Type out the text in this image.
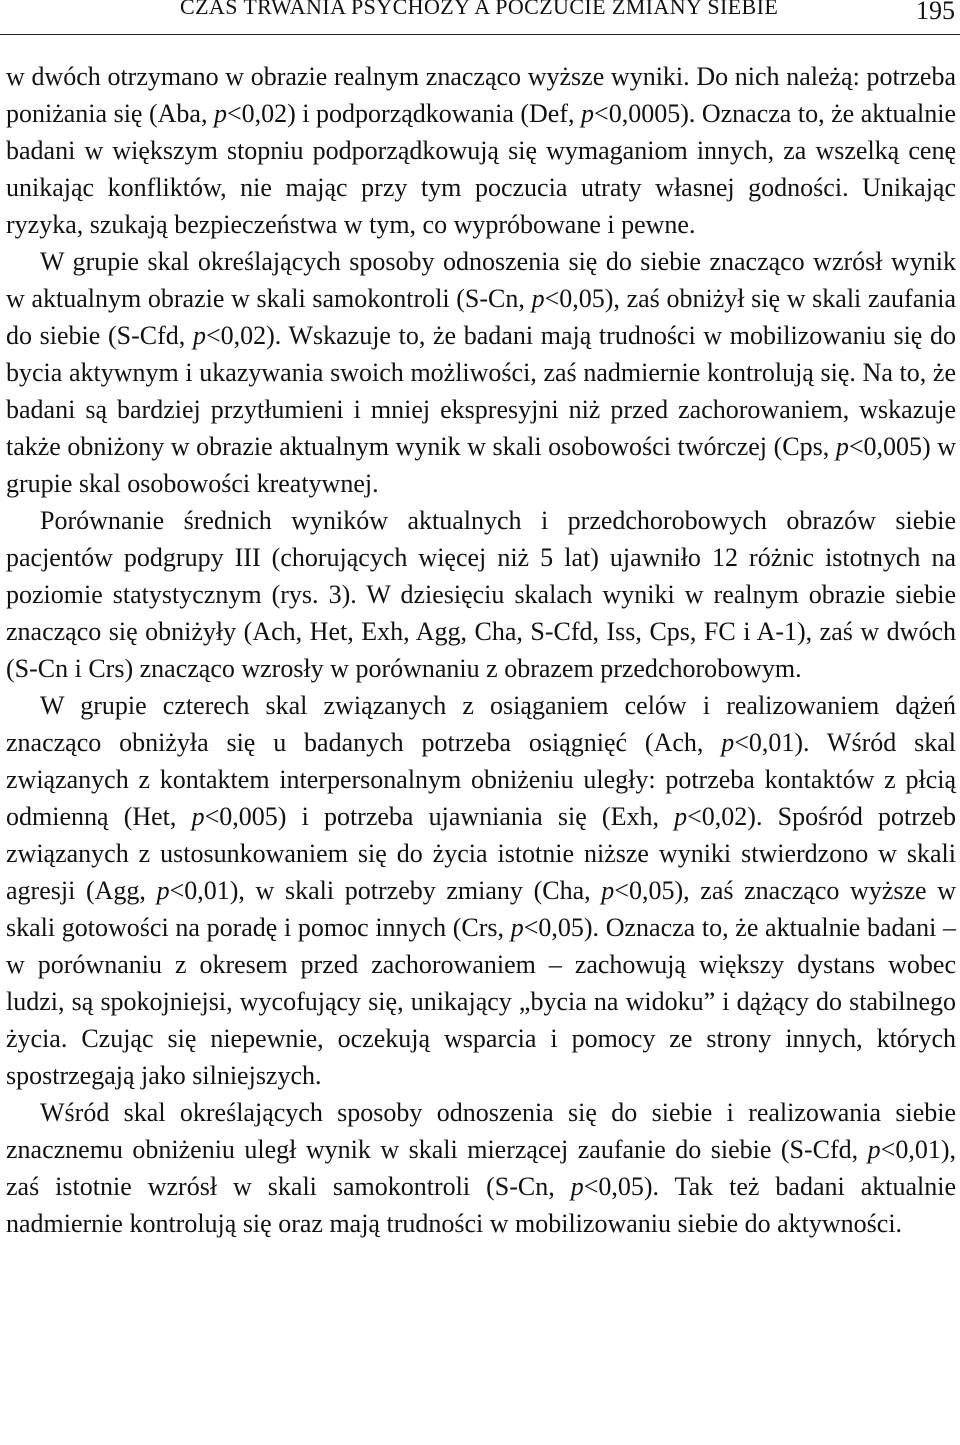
CZAS TRWANIA PSYCHOZY A POCZUCIE ZMIANY SIEBIE	195

w dwóch otrzymano w obrazie realnym znacząco wyższe wyniki. Do nich należą: potrzeba poniżania się (Aba, p<0,02) i podporządkowania (Def, p<0,0005). Oznacza to, że aktualnie badani w większym stopniu podporządkowują się wymaganiom innych, za wszelką cenę unikając konfliktów, nie mając przy tym poczucia utraty własnej godności. Unikając ryzyka, szukają bezpieczeństwa w tym, co wypróbowane i pewne.

W grupie skal określających sposoby odnoszenia się do siebie znacząco wzrósł wynik w aktualnym obrazie w skali samokontroli (S-Cn, p<0,05), zaś obniżył się w skali zaufania do siebie (S-Cfd, p<0,02). Wskazuje to, że badani mają trudności w mobilizowaniu się do bycia aktywnym i ukazywania swoich możliwości, zaś nadmiernie kontrolują się. Na to, że badani są bardziej przytłumieni i mniej ekspresyjni niż przed zachorowaniem, wskazuje także obniżony w obrazie aktualnym wynik w skali osobowości twórczej (Cps, p<0,005) w grupie skal osobowości kreatywnej.

Porównanie średnich wyników aktualnych i przedchorobowych obrazów siebie pacjentów podgrupy III (chorujących więcej niż 5 lat) ujawniło 12 różnic istotnych na poziomie statystycznym (rys. 3). W dziesięciu skalach wyniki w realnym obrazie siebie znacząco się obniżyły (Ach, Het, Exh, Agg, Cha, S-Cfd, Iss, Cps, FC i A-1), zaś w dwóch (S-Cn i Crs) znacząco wzrosły w porównaniu z obrazem przedchorobowym.

W grupie czterech skal związanych z osiąganiem celów i realizowaniem dążeń znacząco obniżyła się u badanych potrzeba osiągnięć (Ach, p<0,01). Wśród skal związanych z kontaktem interpersonalnym obniżeniu uległy: potrzeba kontaktów z płcią odmienną (Het, p<0,005) i potrzeba ujawniania się (Exh, p<0,02). Spośród potrzeb związanych z ustosunkowaniem się do życia istotnie niższe wyniki stwierdzono w skali agresji (Agg, p<0,01), w skali potrzeby zmiany (Cha, p<0,05), zaś znacząco wyższe w skali gotowości na poradę i pomoc innych (Crs, p<0,05). Oznacza to, że aktualnie badani – w porównaniu z okresem przed zachorowaniem – zachowują większy dystans wobec ludzi, są spokojniejsi, wycofujący się, unikający „bycia na widoku” i dążący do stabilnego życia. Czując się niepewnie, oczekują wsparcia i pomocy ze strony innych, których spostrzegają jako silniejszych.

Wśród skal określających sposoby odnoszenia się do siebie i realizowania siebie znacznemu obniżeniu uległ wynik w skali mierzącej zaufanie do siebie (S-Cfd, p<0,01), zaś istotnie wzrósł w skali samokontroli (S-Cn, p<0,05). Tak też badani aktualnie nadmiernie kontrolują się oraz mają trudności w mobilizowaniu siebie do aktywności.
